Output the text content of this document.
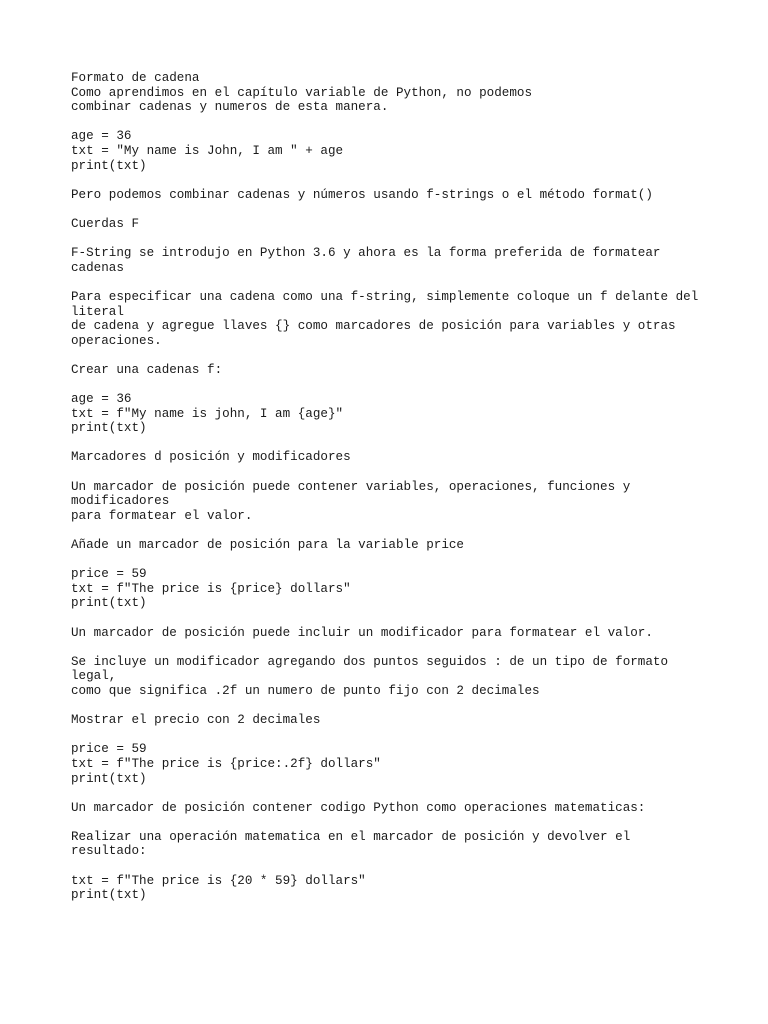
Formato de cadena
Como aprendimos en el capítulo variable de Python, no podemos
combinar cadenas y numeros de esta manera.
age = 36
txt = "My name is John, I am " + age
print(txt)
Pero podemos combinar cadenas y números usando f-strings o el método format()
Cuerdas F
F-String se introdujo en Python 3.6 y ahora es la forma preferida de formatear
cadenas
Para especificar una cadena como una f-string, simplemente coloque un f delante del
literal
de cadena y agregue llaves {} como marcadores de posición para variables y otras
operaciones.
Crear una cadenas f:
age = 36
txt = f"My name is john, I am {age}"
print(txt)
Marcadores d posición y modificadores
Un marcador de posición puede contener variables, operaciones, funciones y
modificadores
para formatear el valor.
Añade un marcador de posición para la variable price
price = 59
txt = f"The price is {price} dollars"
print(txt)
Un marcador de posición puede incluir un modificador para formatear el valor.
Se incluye un modificador agregando dos puntos seguidos : de un tipo de formato
legal,
como que significa .2f un numero de punto fijo con 2 decimales
Mostrar el precio con 2 decimales
price = 59
txt = f"The price is {price:.2f} dollars"
print(txt)
Un marcador de posición contener codigo Python como operaciones matematicas:
Realizar una operación matematica en el marcador de posición y devolver el
resultado:
txt = f"The price is {20 * 59} dollars"
print(txt)
